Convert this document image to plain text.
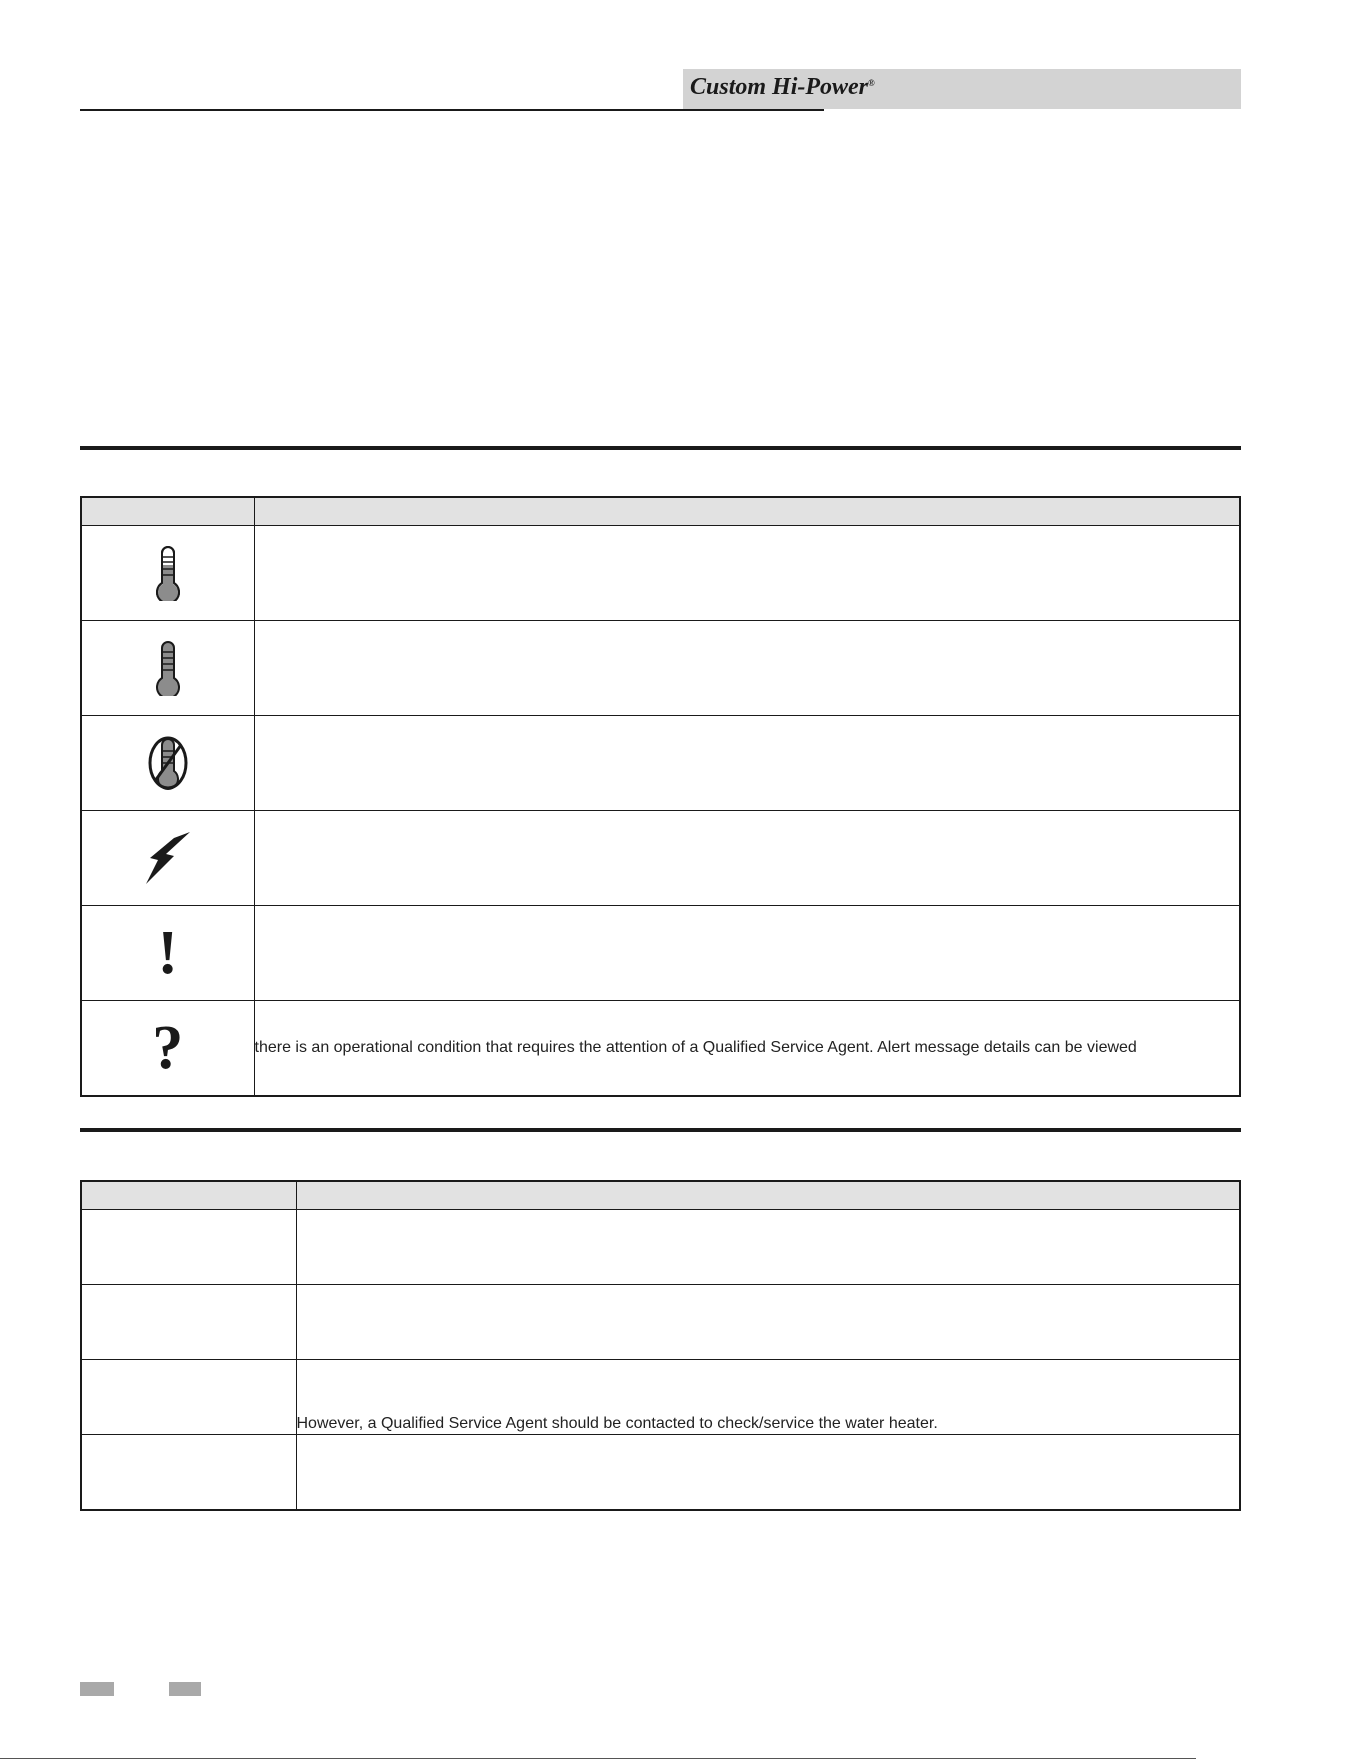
Custom Hi-Power®

!	
?	there is an operational condition that requires the attention of a Qualified Service Agent. Alert message details can be viewed

	However, a Qualified Service Agent should be contacted to check/service the water heater.
